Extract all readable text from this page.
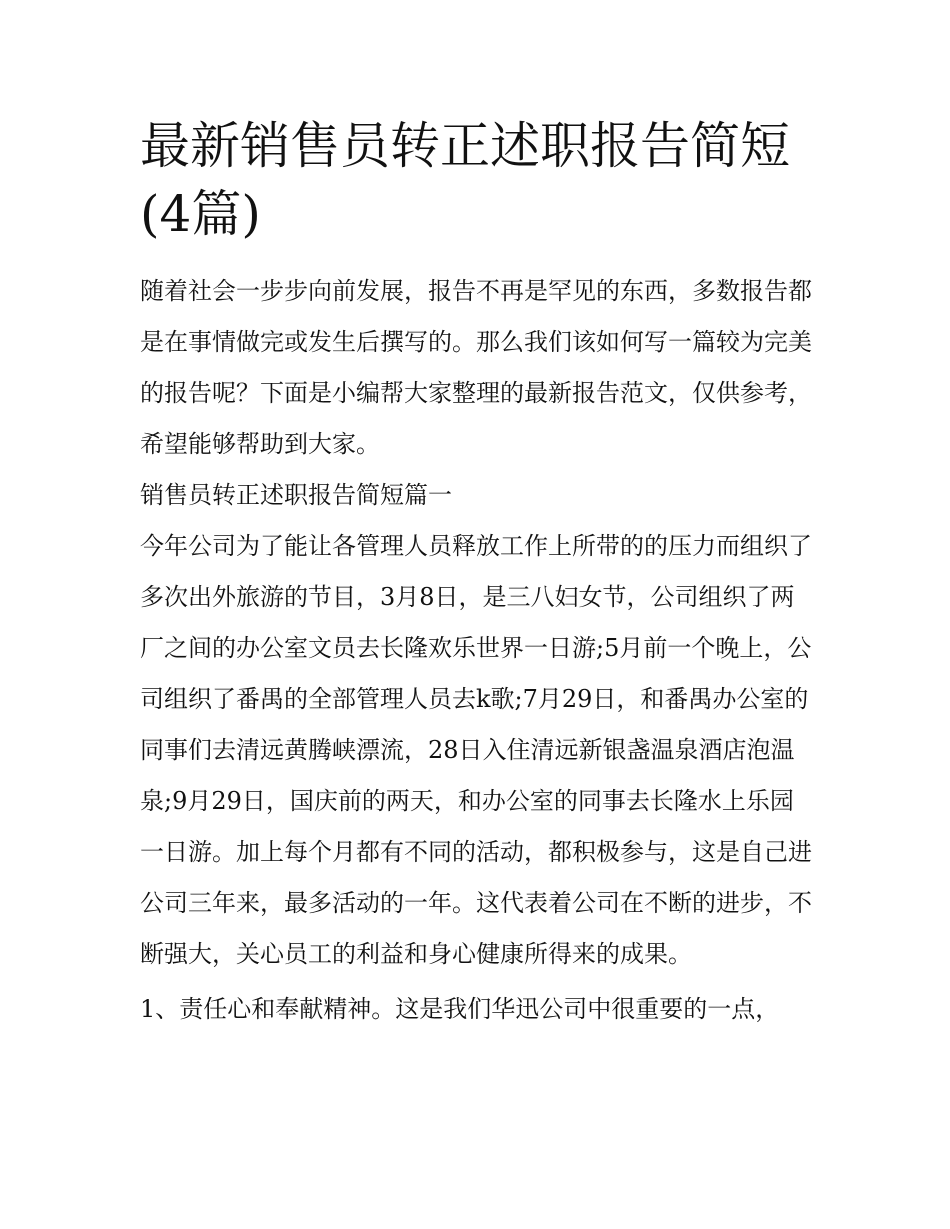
最新销售员转正述职报告简短(4篇)

随着社会一步步向前发展，报告不再是罕见的东西，多数报告都是在事情做完或发生后撰写的。那么我们该如何写一篇较为完美的报告呢？下面是小编帮大家整理的最新报告范文，仅供参考，希望能够帮助到大家。

销售员转正述职报告简短篇一

今年公司为了能让各管理人员释放工作上所带的的压力而组织了多次出外旅游的节目，3月8日，是三八妇女节，公司组织了两厂之间的办公室文员去长隆欢乐世界一日游;5月前一个晚上，公司组织了番禺的全部管理人员去k歌;7月29日，和番禺办公室的同事们去清远黄腾峡漂流，28日入住清远新银盏温泉酒店泡温泉;9月29日，国庆前的两天，和办公室的同事去长隆水上乐园一日游。加上每个月都有不同的活动，都积极参与，这是自己进公司三年来，最多活动的一年。这代表着公司在不断的进步，不断强大，关心员工的利益和身心健康所得来的成果。

1、责任心和奉献精神。这是我们华迅公司中很重要的一点，
